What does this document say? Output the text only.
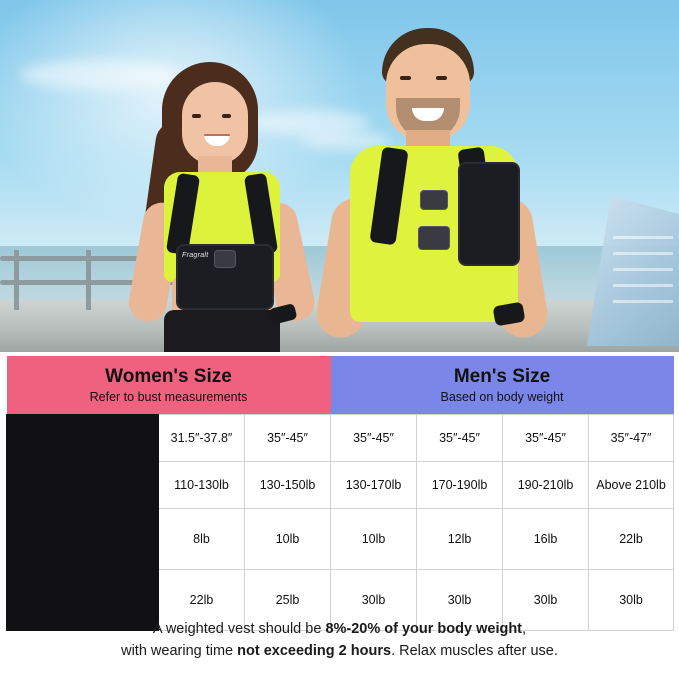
Fragralt
Women's Size
Refer to bust measurements

Men's Size
Based on body weight

Bust Size	31.5″-37.8″	35″-45″	35″-45″	35″-45″	35″-45″	35″-47″
Body Weight	110-130lb	130-150lb	130-170lb	170-190lb	190-210lb	Above 210lb

Recommended
Min. Pounds	8lb	10lb	10lb	12lb	16lb	22lb

Recommended
Max. Pounds	22lb	25lb	30lb	30lb	30lb	30lb
A weighted vest should be 8%-20% of your body weight,
with wearing time not exceeding 2 hours. Relax muscles after use.
